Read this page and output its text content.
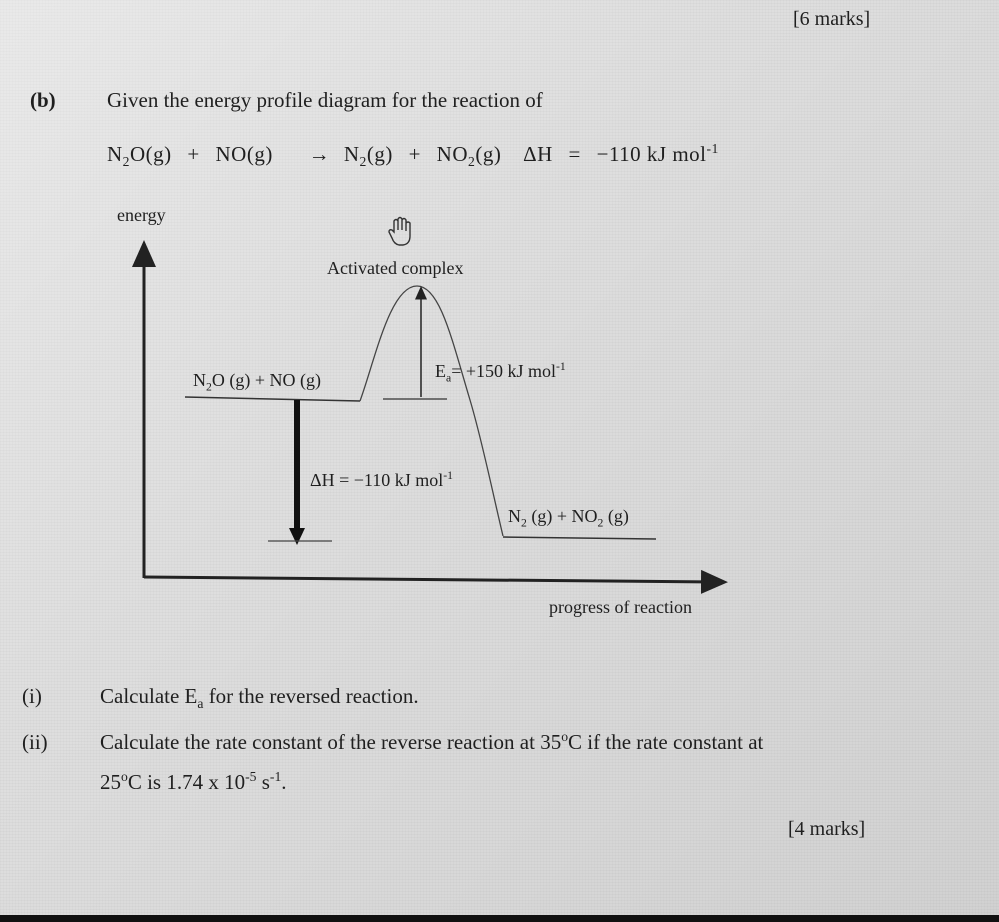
[6 marks]
(b) Given the energy profile diagram for the reaction of
$N_2O(g) + NO(g) \to N_2(g) + NO_2(g) \Delta H = -110$ kJ mol$^{-1}$
energy
Activated complex
$N_2O$ (g) + NO (g)	$E_a= +150$ kJ mol$^{-1}$
ΔH = −110 kJ mol$^{-1}$
$N_2$ $(g) + NO_2$ (g)
progress of reaction
(i)	Calculate $E_a$ for the reversed reaction.
(ii) Calculate the rate constant of the reverse reaction at 35$^o$C if the rate constant at
25$^o$C is 1.74 x $10^{-5}$ $s^{-1}$.
[4 marks]
